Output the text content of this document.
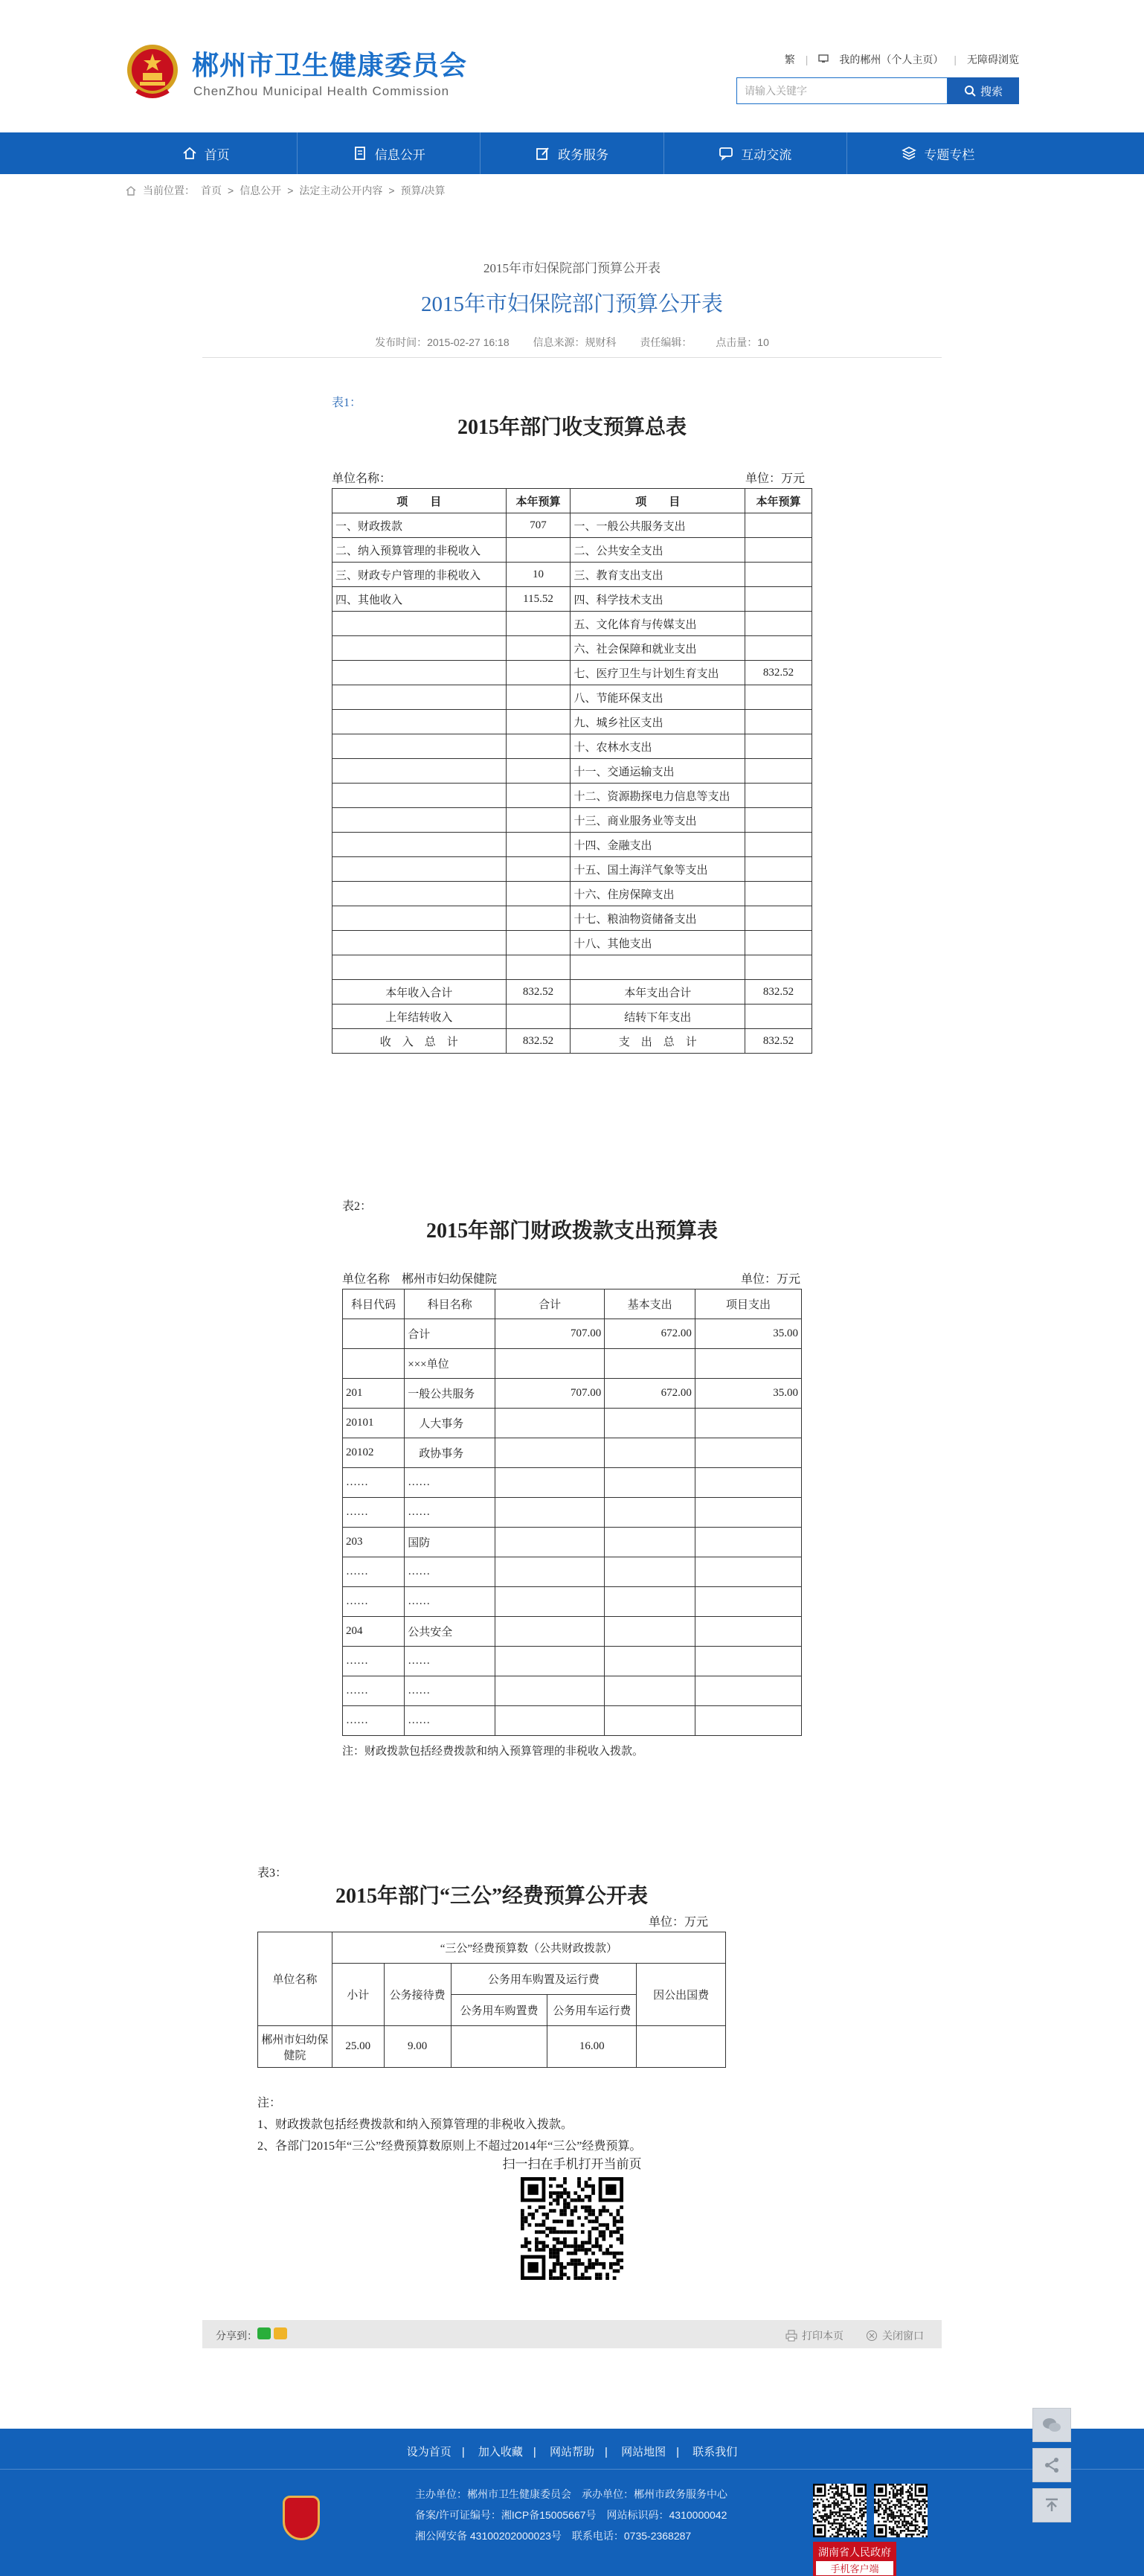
郴州市卫生健康委员会
ChenZhou Municipal Health Commission
繁 |	我的郴州（个人主页） | 无障碍浏览
请输入关键字	搜索
首页	信息公开	政务服务	互动交流	专题专栏
当前位置： 首页 > 信息公开 > 法定主动公开内容 > 预算/决算
2015年市妇保院部门预算公开表
2015年市妇保院部门预算公开表
发布时间：2015-02-27 16:18 信息来源：规财科 责任编辑： 点击量：10
表1：
2015年部门收支预算总表
单位名称：	单位：万元
项　　目	本年预算	项　　目	本年预算
一、财政拨款	707	一、一般公共服务支出	
二、纳入预算管理的非税收入		二、公共安全支出	
三、财政专户管理的非税收入	10	三、教育支出支出	
四、其他收入	115.52	四、科学技术支出	
		五、文化体育与传媒支出	
		六、社会保障和就业支出	
		七、医疗卫生与计划生育支出	832.52
		八、节能环保支出	
		九、城乡社区支出	
		十、农林水支出	
		十一、交通运输支出	
		十二、资源勘探电力信息等支出	
		十三、商业服务业等支出	
		十四、金融支出	
		十五、国土海洋气象等支出	
		十六、住房保障支出	
		十七、粮油物资储备支出	
		十八、其他支出	

本年收入合计	832.52	本年支出合计	832.52
上年结转收入		结转下年支出	
收　入　总　计	832.52	支　出　总　计	832.52
表2：
2015年部门财政拨款支出预算表
单位名称　郴州市妇幼保健院	单位：万元
科目代码	科目名称	合计	基本支出	项目支出
	合计	707.00	672.00	35.00
	×××单位			
201	一般公共服务	707.00	672.00	35.00
20101	　人大事务			
20102	　政协事务			
……	……			
……	……			
203	国防			
……	……			
……	……			
204	公共安全			
……	……			
……	……			
……	……			
注：财政拨款包括经费拨款和纳入预算管理的非税收入拨款。
表3：
2015年部门“三公”经费预算公开表
单位：万元
单位名称	“三公”经费预算数（公共财政拨款）				
	小计	公务接待费	公务用车购置及运行费		因公出国费
			公务用车购置费	公务用车运行费	
郴州市妇幼保健院	25.00	9.00		16.00	
注：
1、财政拨款包括经费拨款和纳入预算管理的非税收入拨款。
2、各部门2015年“三公”经费预算数原则上不超过2014年“三公”经费预算。
扫一扫在手机打开当前页
分享到：	打印本页	关闭窗口
设为首页 | 加入收藏 | 网站帮助 | 网站地图 | 联系我们
主办单位：郴州市卫生健康委员会　承办单位：郴州市政务服务中心
备案/许可证编号：湘ICP备15005667号　网站标识码：4310000042
湘公网安备 43100202000023号　联系电话：0735-2368287
湖南省人民政府
手机客户端
